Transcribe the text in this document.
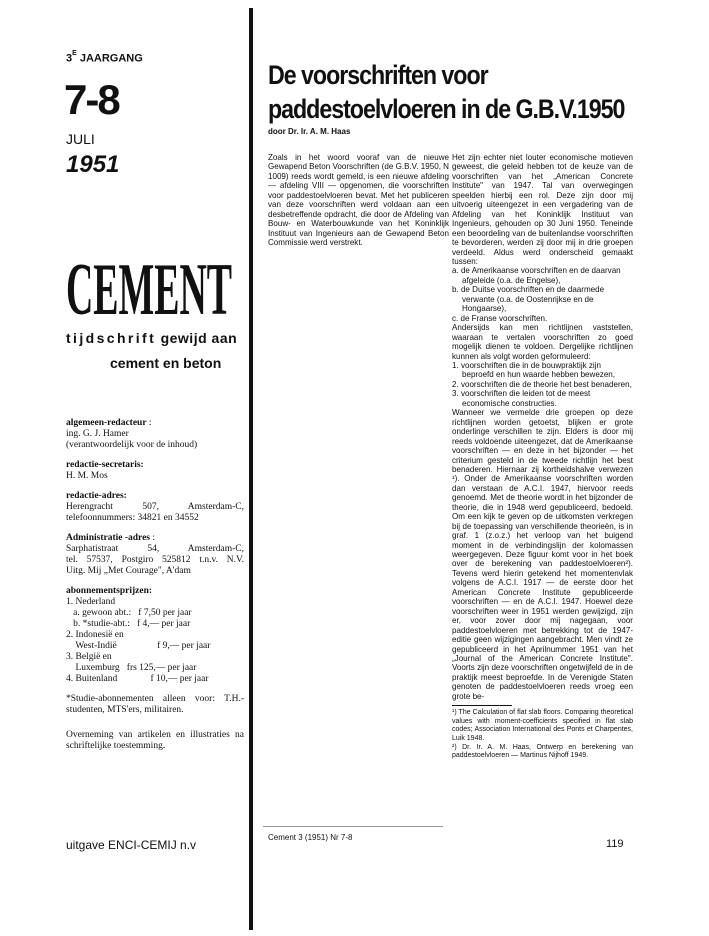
$3^E$ JAARGANG
7-8
JULI
1951
CEMENT
tijdschrift gewijd aan
cement en beton
algemeen-redacteur :
ing. G. J. Hamer
(verantwoordelijk voor de inhoud)
redactie-secretaris:
H. M. Mos
redactie-adres:
Herengracht 507, Amsterdam-C,
telefoonnummers: 34821 en 34552
Administratie -adres :
Sarphatistraat 54, Amsterdam-C,
tel. 57537, Postgiro 525812 t.n.v. N.V.
Uitg. Mij „Met Courage", A'dam
abonnementsprijzen:
1. Nederland
a. gewoon abt.:   f 7,50 per jaar
b. *studie-abt.:   f 4,— per jaar
2. Indonesië en
West-Indië                 f 9,— per jaar
3. België en
Luxemburg   frs 125,— per jaar
4. Buitenland              f 10,— per jaar
*Studie-abonnementen alleen voor: T.H.-studenten, MTS'ers, militairen.
Overneming van artikelen en illustraties na schriftelijke toestemming.
uitgave ENCI-CEMIJ n.v
De voorschriften voor
paddestoelvloeren in de G.B.V.1950
door Dr. Ir. A. M. Haas

Zoals in het woord vooraf van de nieuwe Gewapend Beton Voorschriften (de G.B.V. 1950, N 1009) reeds wordt gemeld, is een nieuwe afdeling — afdeling VIII — opgenomen, die voorschriften voor paddestoelvloeren bevat. Met het publiceren van deze voorschriften werd voldaan aan een desbetreffende opdracht, die door de Afdeling van Bouw- en Waterbouwkunde van het Koninklijk Instituut van Ingenieurs aan de Gewapend Beton Commissie werd verstrekt.

Het zijn echter niet louter economische motieven geweest, die geleid hebben tot de keuze van de voorschriften van het „American Concrete Institute" van 1947. Tal van overwegingen speelden hierbij een rol. Deze zijn door mij uitvoerig uiteengezet in een vergadering van de Afdeling van het Koninklijk Instituut van Ingenieurs, gehouden op 30 Juni 1950. Teneinde een beoordeling van de buitenlandse voorschriften te bevorderen, werden zij door mij in drie groepen verdeeld. Aldus werd onderscheid gemaakt tussen:

a. de Amerikaanse voorschriften en de daarvan afgeleide (o.a. de Engelse),

b. de Duitse voorschriften en de daarmede verwante (o.a. de Oostenrijkse en de Hongaarse),

c. de Franse voorschriften.

Andersijds kan men richtlijnen vaststellen, waaraan te vertalen voorschriften zo goed mogelijk dienen te voldoen. Dergelijke richtlijnen kunnen als volgt worden geformuleerd:

1. voorschriften die in de bouwpraktijk zijn beproefd en hun waarde hebben bewezen,

2. voorschriften die de theorie het best benaderen,

3. voorschriften die leiden tot de meest economische constructies.

Wanneer we vermelde drie groepen op deze richtlijnen worden getoetst, blijken er grote onderlinge verschillen te zijn. Elders is door mij reeds voldoende uiteengezet, dat de Amerikaanse voorschriften — en deze in het bijzonder — het criterium gesteld in de tweede richtlijn het best benaderen. Hiernaar zij kortheidshalve verwezen ¹). Onder de Amerikaanse voorschriften worden dan verstaan de A.C.I. 1947, hiervoor reeds genoemd. Met de theorie wordt in het bijzonder de theorie, die in 1948 werd gepubliceerd, bedoeld. Om een kijk te geven op de uitkomsten verkregen bij de toepassing van verschillende theorieën, is in graf. 1 (z.o.z.) het verloop van het buigend moment in de verbindingslijn der kolomassen weergegeven. Deze figuur komt voor in het boek over de berekening van paddestoelvloeren²). Tevens werd hierin getekend het momentenvlak volgens de A.C.I. 1917 — de eerste door het American Concrete Institute gepubliceerde voorschriften — en de A.C.I. 1947. Hoewel deze voorschriften weer in 1951 werden gewijzigd, zijn er, voor zover door mij nagegaan, voor paddestoelvloeren met betrekking tot de 1947-editie geen wijzigingen aangebracht. Men vindt ze gepubliceerd in het Aprilnummer 1951 van het „Journal of the American Concrete Institute". Voorts zijn deze voorschriften ongetwijfeld de in de praktijk meest beproefde. In de Verenigde Staten genoten de paddestoelvloeren reeds vroeg een grote be-

¹) The Calculation of flat slab floors. Comparing theoretical values with moment-coefficients specified in flat slab codes; Association International des Ponts et Charpentes, Luik 1948.

²) Dr. Ir. A. M. Haas, Ontwerp en berekening van paddestoelvloeren — Martinus Nijhoff 1949.

Cement 3 (1951) Nr 7-8
119
